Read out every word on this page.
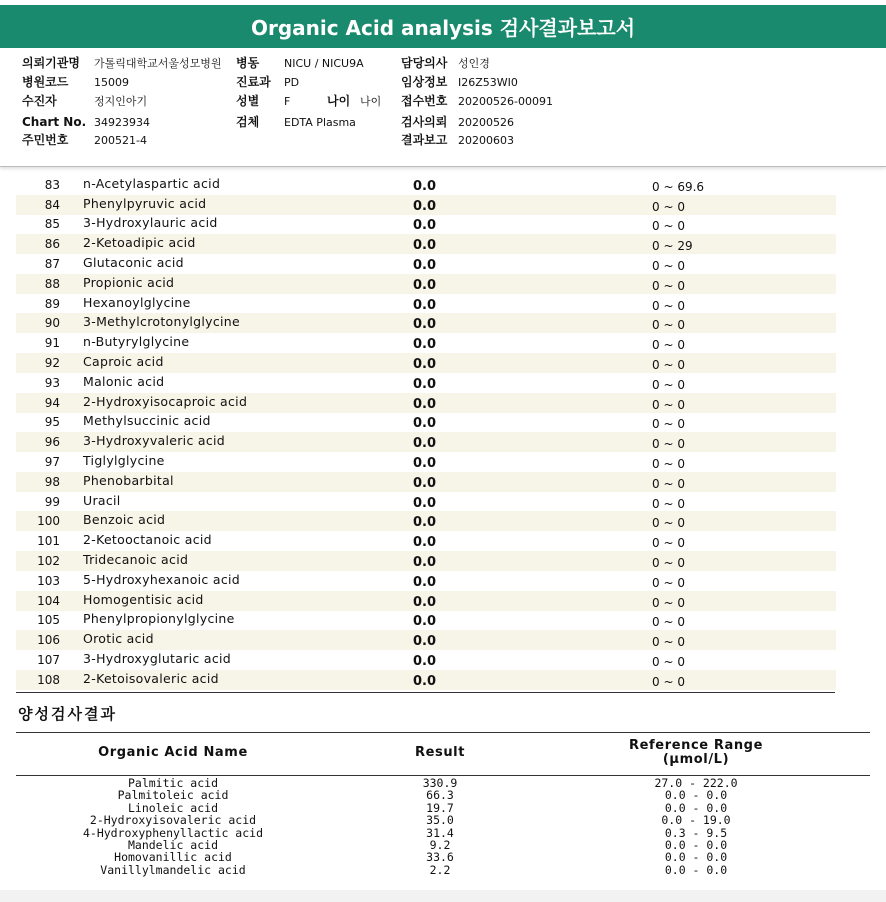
Organic Acid analysis 검사결과보고서
의뢰기관명 가톨릭대학교서울성모병원 병동 NICU / NICU9A	담당의사 성인경
병원코드 15009	진료과 PD	임상정보 I26Z53WI0
수진자	정지인아기	성별 F	나이 나이 접수번호 20200526-00091
Chart No. 34923934	검체 EDTA Plasma	검사의뢰 20200526
주민번호 200521-4	결과보고 20200603
83 n-Acetylaspartic acid	0.0	0 ~ 69.6
84 Phenylpyruvic acid	0.0	0 ~ 0
85 3-Hydroxylauric acid	0.0	0 ~ 0
86 2-Ketoadipic acid	0.0	0 ~ 29
87 Glutaconic acid	0.0	0 ~ 0
88 Propionic acid	0.0	0 ~ 0
89 Hexanoylglycine	0.0	0 ~ 0
90 3-Methylcrotonylglycine	0.0	0 ~ 0
91 n-Butyrylglycine	0.0	0 ~ 0
92 Caproic acid	0.0	0 ~ 0
93 Malonic acid	0.0	0 ~ 0
94 2-Hydroxyisocaproic acid	0.0	0 ~ 0
95 Methylsuccinic acid	0.0	0 ~ 0
96 3-Hydroxyvaleric acid	0.0	0 ~ 0
97 Tiglylglycine	0.0	0 ~ 0
98 Phenobarbital	0.0	0 ~ 0
99 Uracil	0.0	0 ~ 0
100 Benzoic acid	0.0	0 ~ 0
101 2-Ketooctanoic acid	0.0	0 ~ 0
102 Tridecanoic acid	0.0	0 ~ 0
103 5-Hydroxyhexanoic acid	0.0	0 ~ 0
104 Homogentisic acid	0.0	0 ~ 0
105 Phenylpropionylglycine	0.0	0 ~ 0
106 Orotic acid	0.0	0 ~ 0
107 3-Hydroxyglutaric acid	0.0	0 ~ 0
108 2-Ketoisovaleric acid	0.0	0 ~ 0
양성검사결과
Organic Acid Name	Result	Reference Range
(µmol/L)
Palmitic acid	330.9	27.0 - 222.0
Palmitoleic acid	66.3	0.0 - 0.0
Linoleic acid	19.7	0.0 - 0.0
2-Hydroxyisovaleric acid	35.0	0.0 - 19.0
4-Hydroxyphenyllactic acid	31.4	0.3 - 9.5
Mandelic acid	9.2	0.0 - 0.0
Homovanillic acid	33.6	0.0 - 0.0
Vanillylmandelic acid	2.2	0.0 - 0.0
